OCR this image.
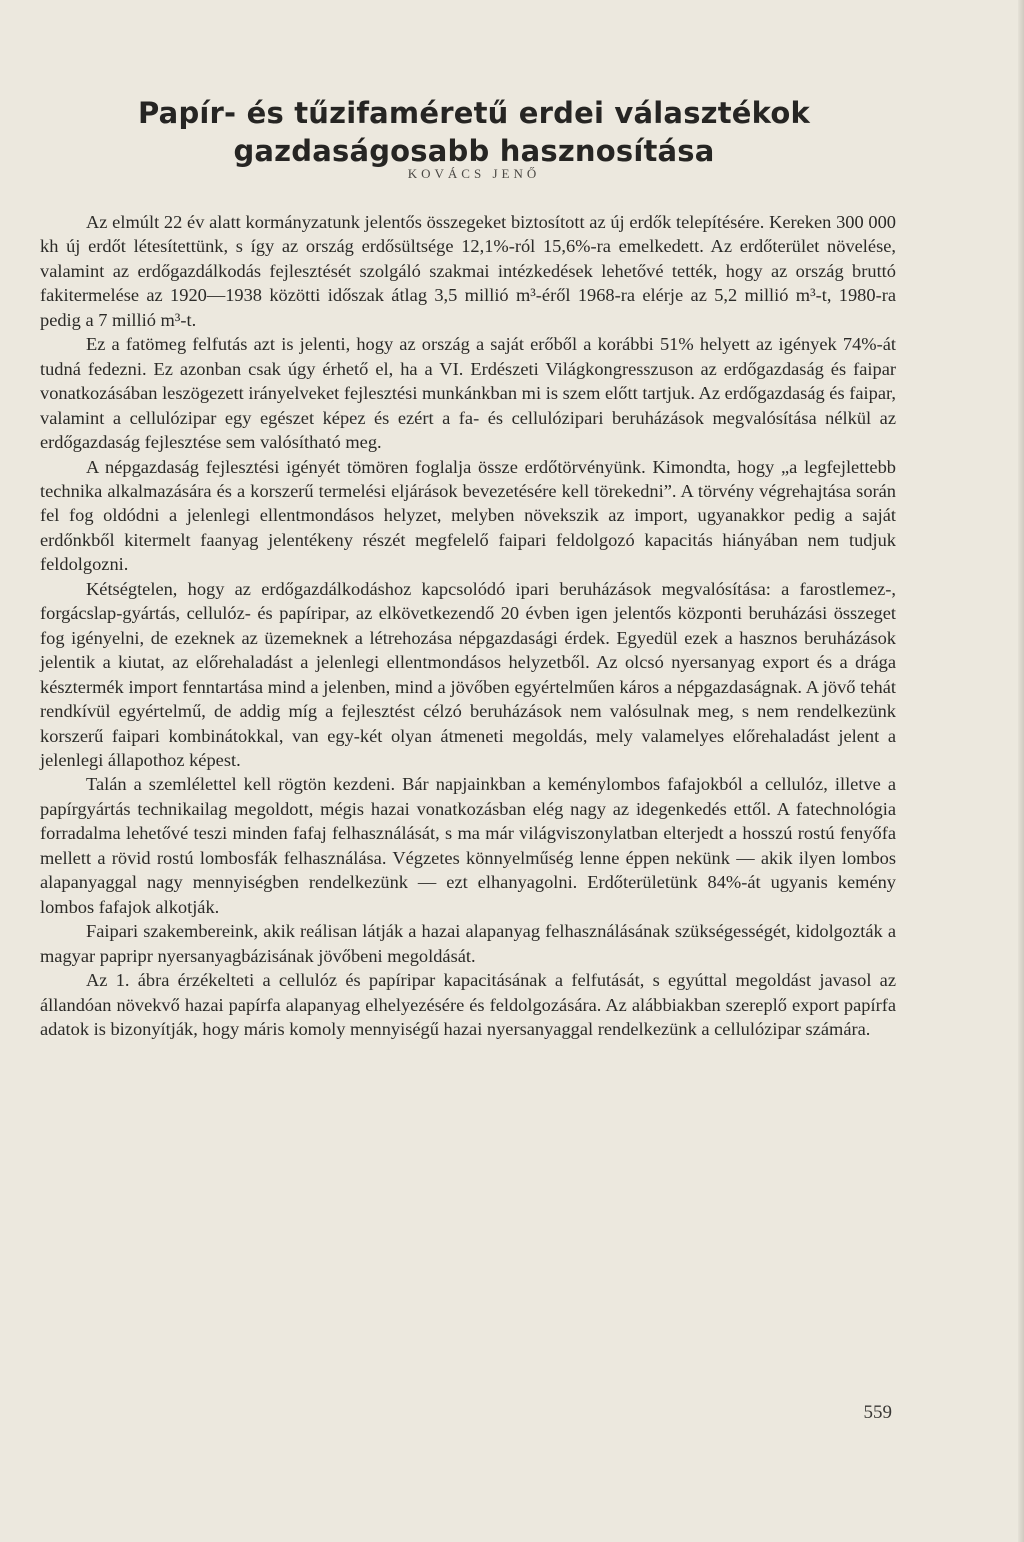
Papír- és tűzifaméretű erdei választékok gazdaságosabb hasznosítása
KOVÁCS JENŐ

Az elmúlt 22 év alatt kormányzatunk jelentős összegeket biztosított az új erdők telepítésére. Kereken 300 000 kh új erdőt létesítettünk, s így az ország erdősültsége 12,1%-ról 15,6%-ra emelkedett. Az erdőterület növelése, valamint az erdőgazdálkodás fejlesztését szolgáló szakmai intézkedések lehetővé tették, hogy az ország bruttó fakitermelése az 1920—1938 közötti időszak átlag 3,5 millió m³-éről 1968-ra elérje az 5,2 millió m³-t, 1980-ra pedig a 7 millió m³-t.

Ez a fatömeg felfutás azt is jelenti, hogy az ország a saját erőből a korábbi 51% helyett az igények 74%-át tudná fedezni. Ez azonban csak úgy érhető el, ha a VI. Erdészeti Világkongresszuson az erdőgazdaság és faipar vonatkozásában leszögezett irányelveket fejlesztési munkánkban mi is szem előtt tartjuk. Az erdőgazdaság és faipar, valamint a cellulózipar egy egészet képez és ezért a fa- és cellulózipari beruházások megvalósítása nélkül az erdőgazdaság fejlesztése sem valósítható meg.

A népgazdaság fejlesztési igényét tömören foglalja össze erdőtörvényünk. Kimondta, hogy „a legfejlettebb technika alkalmazására és a korszerű termelési eljárások bevezetésére kell törekedni”. A törvény végrehajtása során fel fog oldódni a jelenlegi ellentmondásos helyzet, melyben növekszik az import, ugyanakkor pedig a saját erdőnkből kitermelt faanyag jelentékeny részét megfelelő faipari feldolgozó kapacitás hiányában nem tudjuk feldolgozni.

Kétségtelen, hogy az erdőgazdálkodáshoz kapcsolódó ipari beruházások megvalósítása: a farostlemez-, forgácslap-gyártás, cellulóz- és papíripar, az elkövetkezendő 20 évben igen jelentős központi beruházási összeget fog igényelni, de ezeknek az üzemeknek a létrehozása népgazdasági érdek. Egyedül ezek a hasznos beruházások jelentik a kiutat, az előrehaladást a jelenlegi ellentmondásos helyzetből. Az olcsó nyersanyag export és a drága késztermék import fenntartása mind a jelenben, mind a jövőben egyértelműen káros a népgazdaságnak. A jövő tehát rendkívül egyértelmű, de addig míg a fejlesztést célzó beruházások nem valósulnak meg, s nem rendelkezünk korszerű faipari kombinátokkal, van egy-két olyan átmeneti megoldás, mely valamelyes előrehaladást jelent a jelenlegi állapothoz képest.

Talán a szemlélettel kell rögtön kezdeni. Bár napjainkban a keménylombos fafajokból a cellulóz, illetve a papírgyártás technikailag megoldott, mégis hazai vonatkozásban elég nagy az idegenkedés ettől. A fatechnológia forradalma lehetővé teszi minden fafaj felhasználását, s ma már világviszonylatban elterjedt a hosszú rostú fenyőfa mellett a rövid rostú lombosfák felhasználása. Végzetes könnyelműség lenne éppen nekünk — akik ilyen lombos alapanyaggal nagy mennyiségben rendelkezünk — ezt elhanyagolni. Erdőterületünk 84%-át ugyanis kemény lombos fafajok alkotják.

Faipari szakembereink, akik reálisan látják a hazai alapanyag felhasználásának szükségességét, kidolgozták a magyar papripr nyersanyagbázisának jövőbeni megoldását.

Az 1. ábra érzékelteti a cellulóz és papíripar kapacitásának a felfutását, s egyúttal megoldást javasol az állandóan növekvő hazai papírfa alapanyag elhelyezésére és feldolgozására. Az alábbiakban szereplő export papírfa adatok is bizonyítják, hogy máris komoly mennyiségű hazai nyersanyaggal rendelkezünk a cellulózipar számára.

559
